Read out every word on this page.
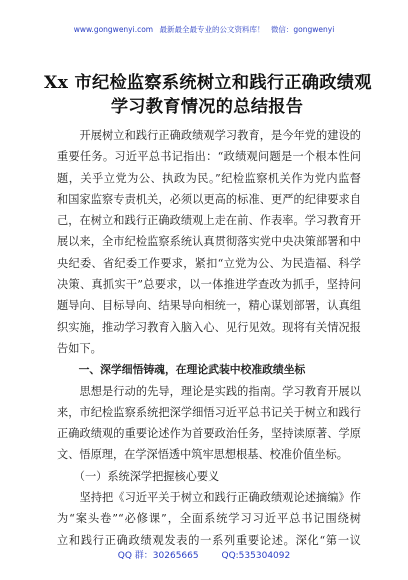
www.gongwenyi.com 最新最全最专业的公文资料库！ 微信：gongwenyi
Xx 市纪检监察系统树立和践行正确政绩观
学习教育情况的总结报告
　　开展树立和践行正确政绩观学习教育，是今年党的建设的
重要任务。习近平总书记指出：“政绩观问题是一个根本性问
题，关乎立党为公、执政为民。”纪检监察机关作为党内监督
和国家监察专责机关，必须以更高的标准、更严的纪律要求自
己，在树立和践行正确政绩观上走在前、作表率。学习教育开
展以来，全市纪检监察系统认真贯彻落实党中央决策部署和中
央纪委、省纪委工作要求，紧扣“立党为公、为民造福、科学
决策、真抓实干”总要求，以一体推进学查改为抓手，坚持问
题导向、目标导向、结果导向相统一，精心谋划部署，认真组
织实施，推动学习教育入脑入心、见行见效。现将有关情况报
告如下。
　　一、深学细悟铸魂，在理论武装中校准政绩坐标
　　思想是行动的先导，理论是实践的指南。学习教育开展以
来，市纪检监察系统把深学细悟习近平总书记关于树立和践行
正确政绩观的重要论述作为首要政治任务，坚持读原著、学原
文、悟原理，在学深悟透中筑牢思想根基、校准价值坐标。
　　（一）系统深学把握核心要义
　　坚持把《习近平关于树立和践行正确政绩观论述摘编》作
为“案头卷”“必修课”，全面系统学习习近平总书记围绕树
立和践行正确政绩观发表的一系列重要论述。深化“第一议
QQ 群：30265665	QQ:535304092
